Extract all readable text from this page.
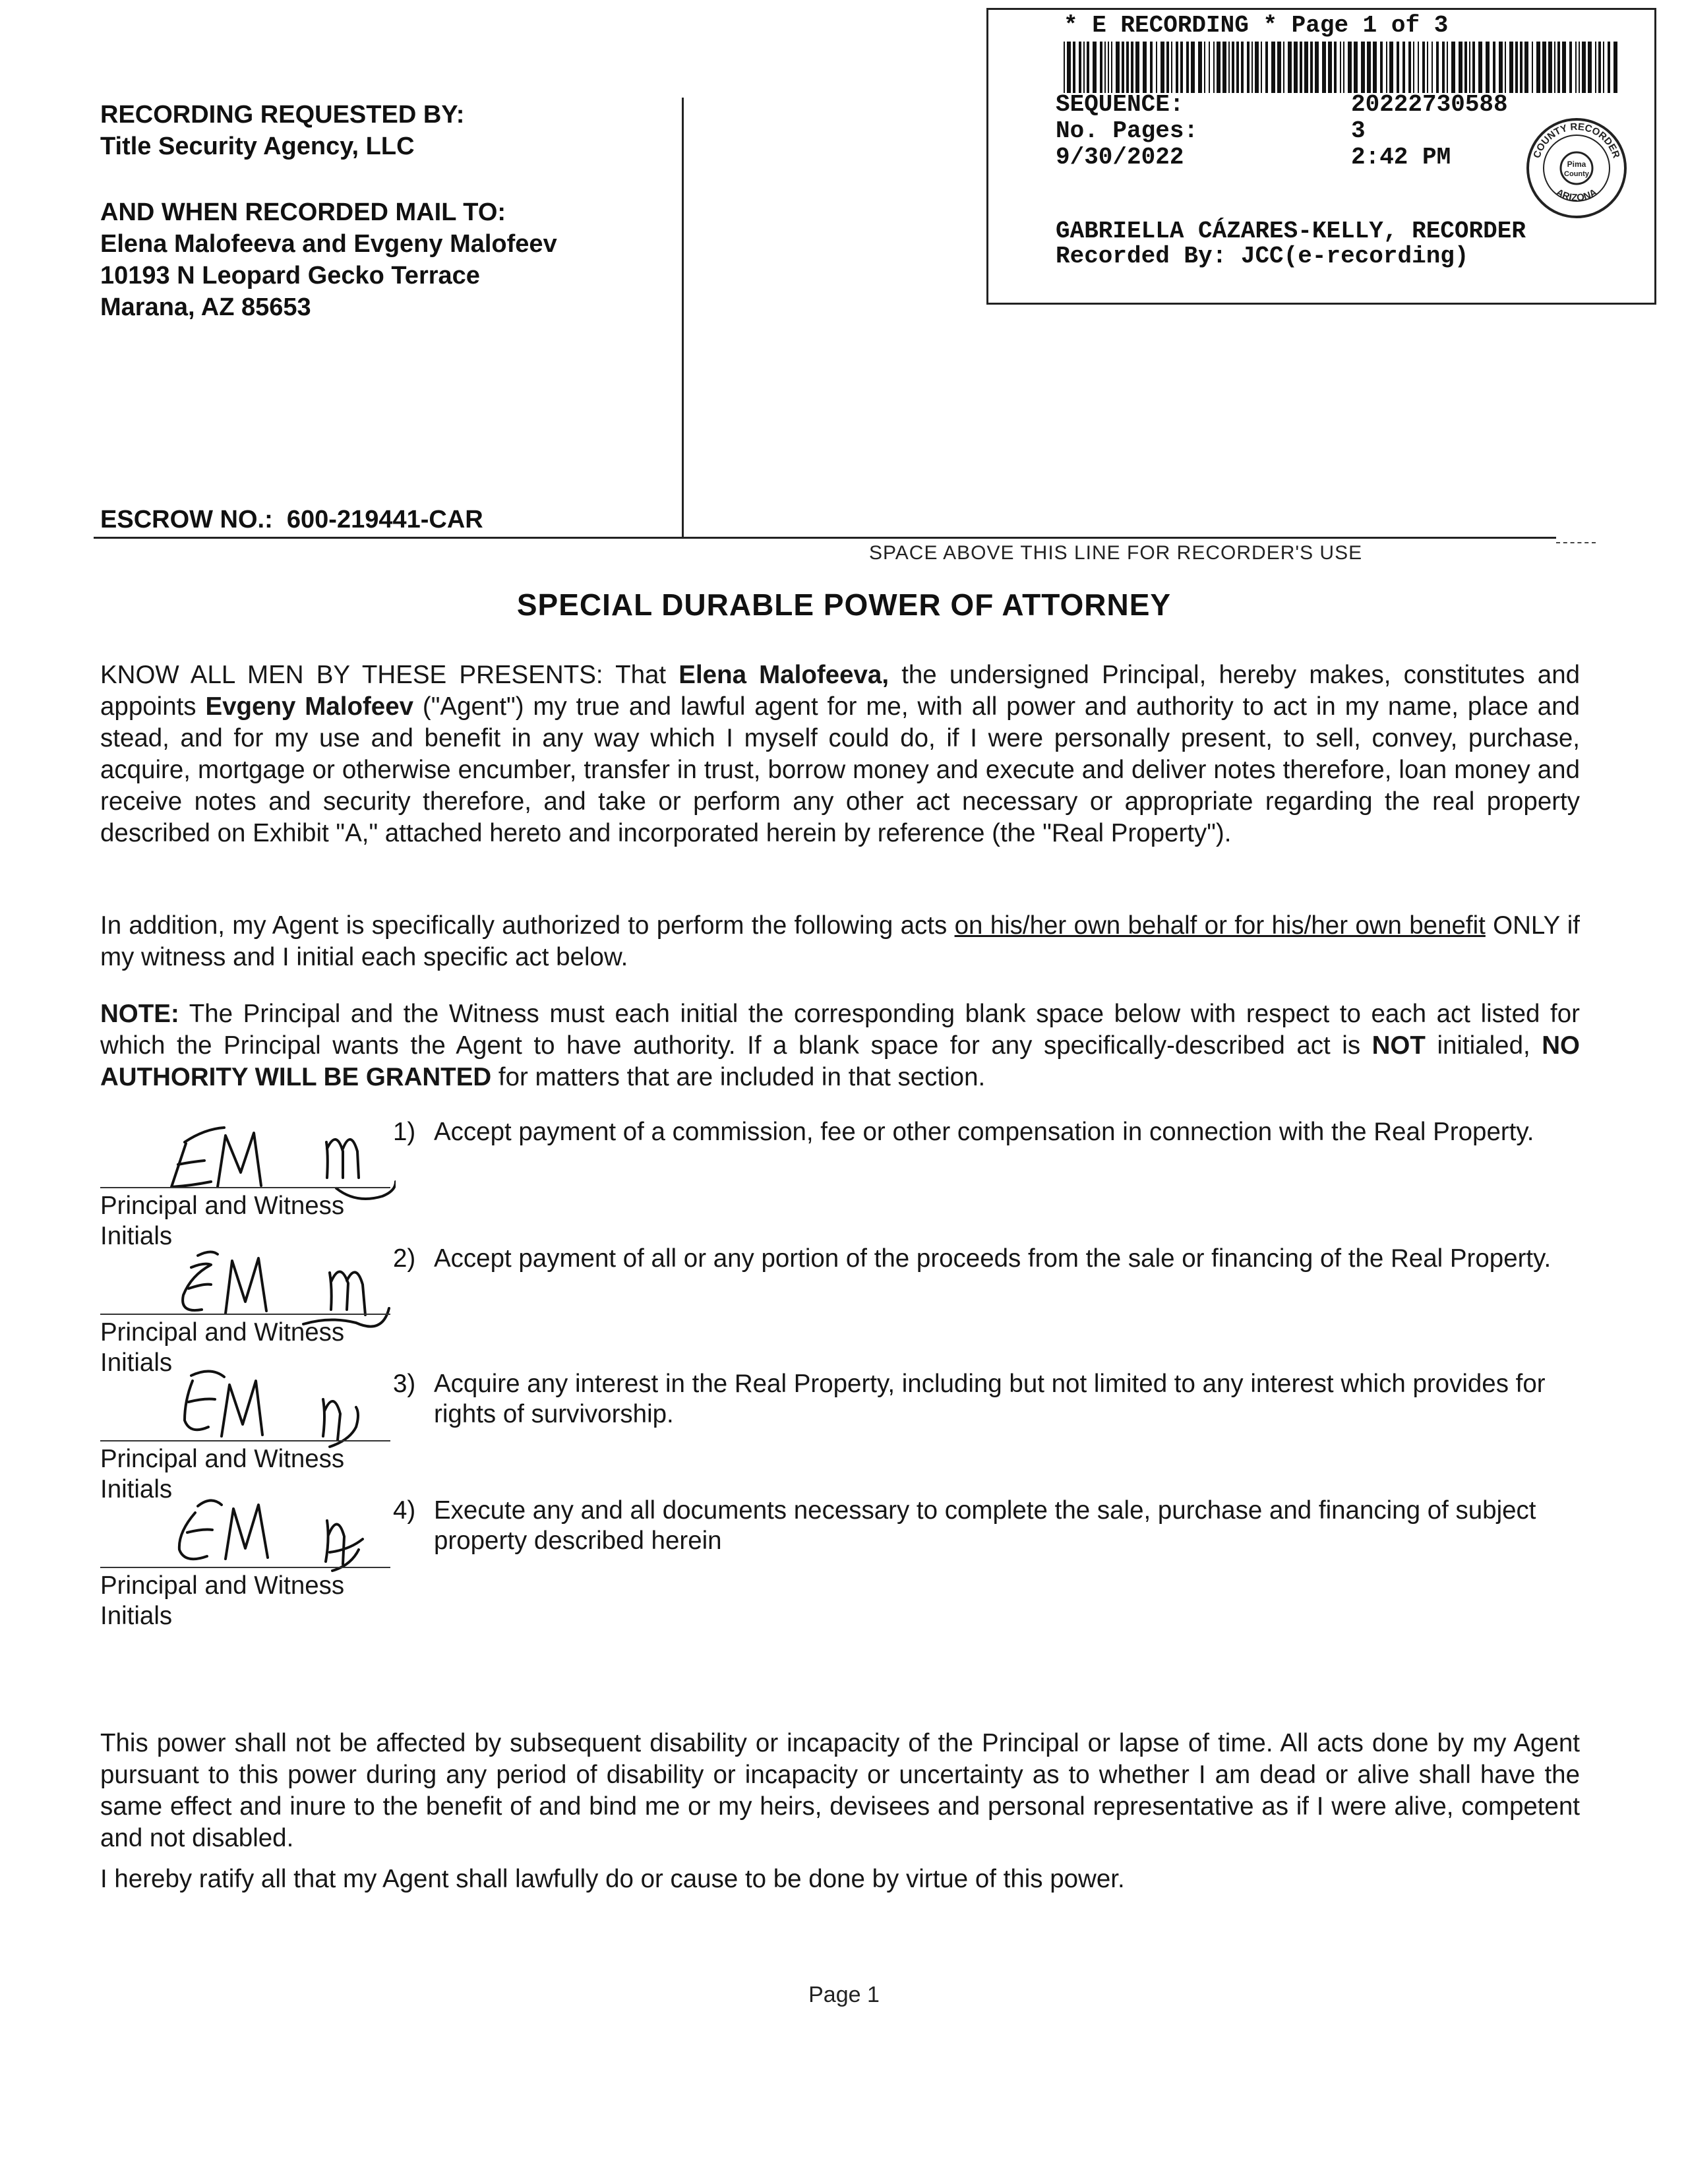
RECORDING REQUESTED BY:
Title Security Agency, LLC
AND WHEN RECORDED MAIL TO:
Elena Malofeeva and Evgeny Malofeev
10193 N Leopard Gecko Terrace
Marana, AZ 85653
ESCROW NO.: 600-219441-CAR
* E RECORDING * Page 1 of 3
SEQUENCE:	20222730588
No. Pages:	3
9/30/2022	2:42 PM	COUNTY RECORDER
ARIZONA
Pima
County
GABRIELLA CÁZARES-KELLY, RECORDER
Recorded By: JCC(e-recording)
SPACE ABOVE THIS LINE FOR RECORDER'S USE
SPECIAL DURABLE POWER OF ATTORNEY
KNOW ALL MEN BY THESE PRESENTS: That Elena Malofeeva, the undersigned Principal, hereby makes, constitutes and appoints Evgeny Malofeev ("Agent") my true and lawful agent for me, with all power and authority to act in my name, place and stead, and for my use and benefit in any way which I myself could do, if I were personally present, to sell, convey, purchase, acquire, mortgage or otherwise encumber, transfer in trust, borrow money and execute and deliver notes therefore, loan money and receive notes and security therefore, and take or perform any other act necessary or appropriate regarding the real property described on Exhibit "A," attached hereto and incorporated herein by reference (the "Real Property").
In addition, my Agent is specifically authorized to perform the following acts on his/her own behalf or for his/her own benefit ONLY if my witness and I initial each specific act below.
NOTE: The Principal and the Witness must each initial the corresponding blank space below with respect to each act listed for which the Principal wants the Agent to have authority. If a blank space for any specifically-described act is NOT initialed, NO AUTHORITY WILL BE GRANTED for matters that are included in that section.
1) Accept payment of a commission, fee or other compensation in connection with the Real Property.
2) Accept payment of all or any portion of the proceeds from the sale or financing of the Real Property.
3) Acquire any interest in the Real Property, including but not limited to any interest which provides for rights of survivorship.
4) Execute any and all documents necessary to complete the sale, purchase and financing of subject property described herein
Principal and Witness
Initials
Principal and Witness
Initials
Principal and Witness
Initials
Principal and Witness
Initials
This power shall not be affected by subsequent disability or incapacity of the Principal or lapse of time. All acts done by my Agent pursuant to this power during any period of disability or incapacity or uncertainty as to whether I am dead or alive shall have the same effect and inure to the benefit of and bind me or my heirs, devisees and personal representative as if I were alive, competent and not disabled.
I hereby ratify all that my Agent shall lawfully do or cause to be done by virtue of this power.
Page 1
